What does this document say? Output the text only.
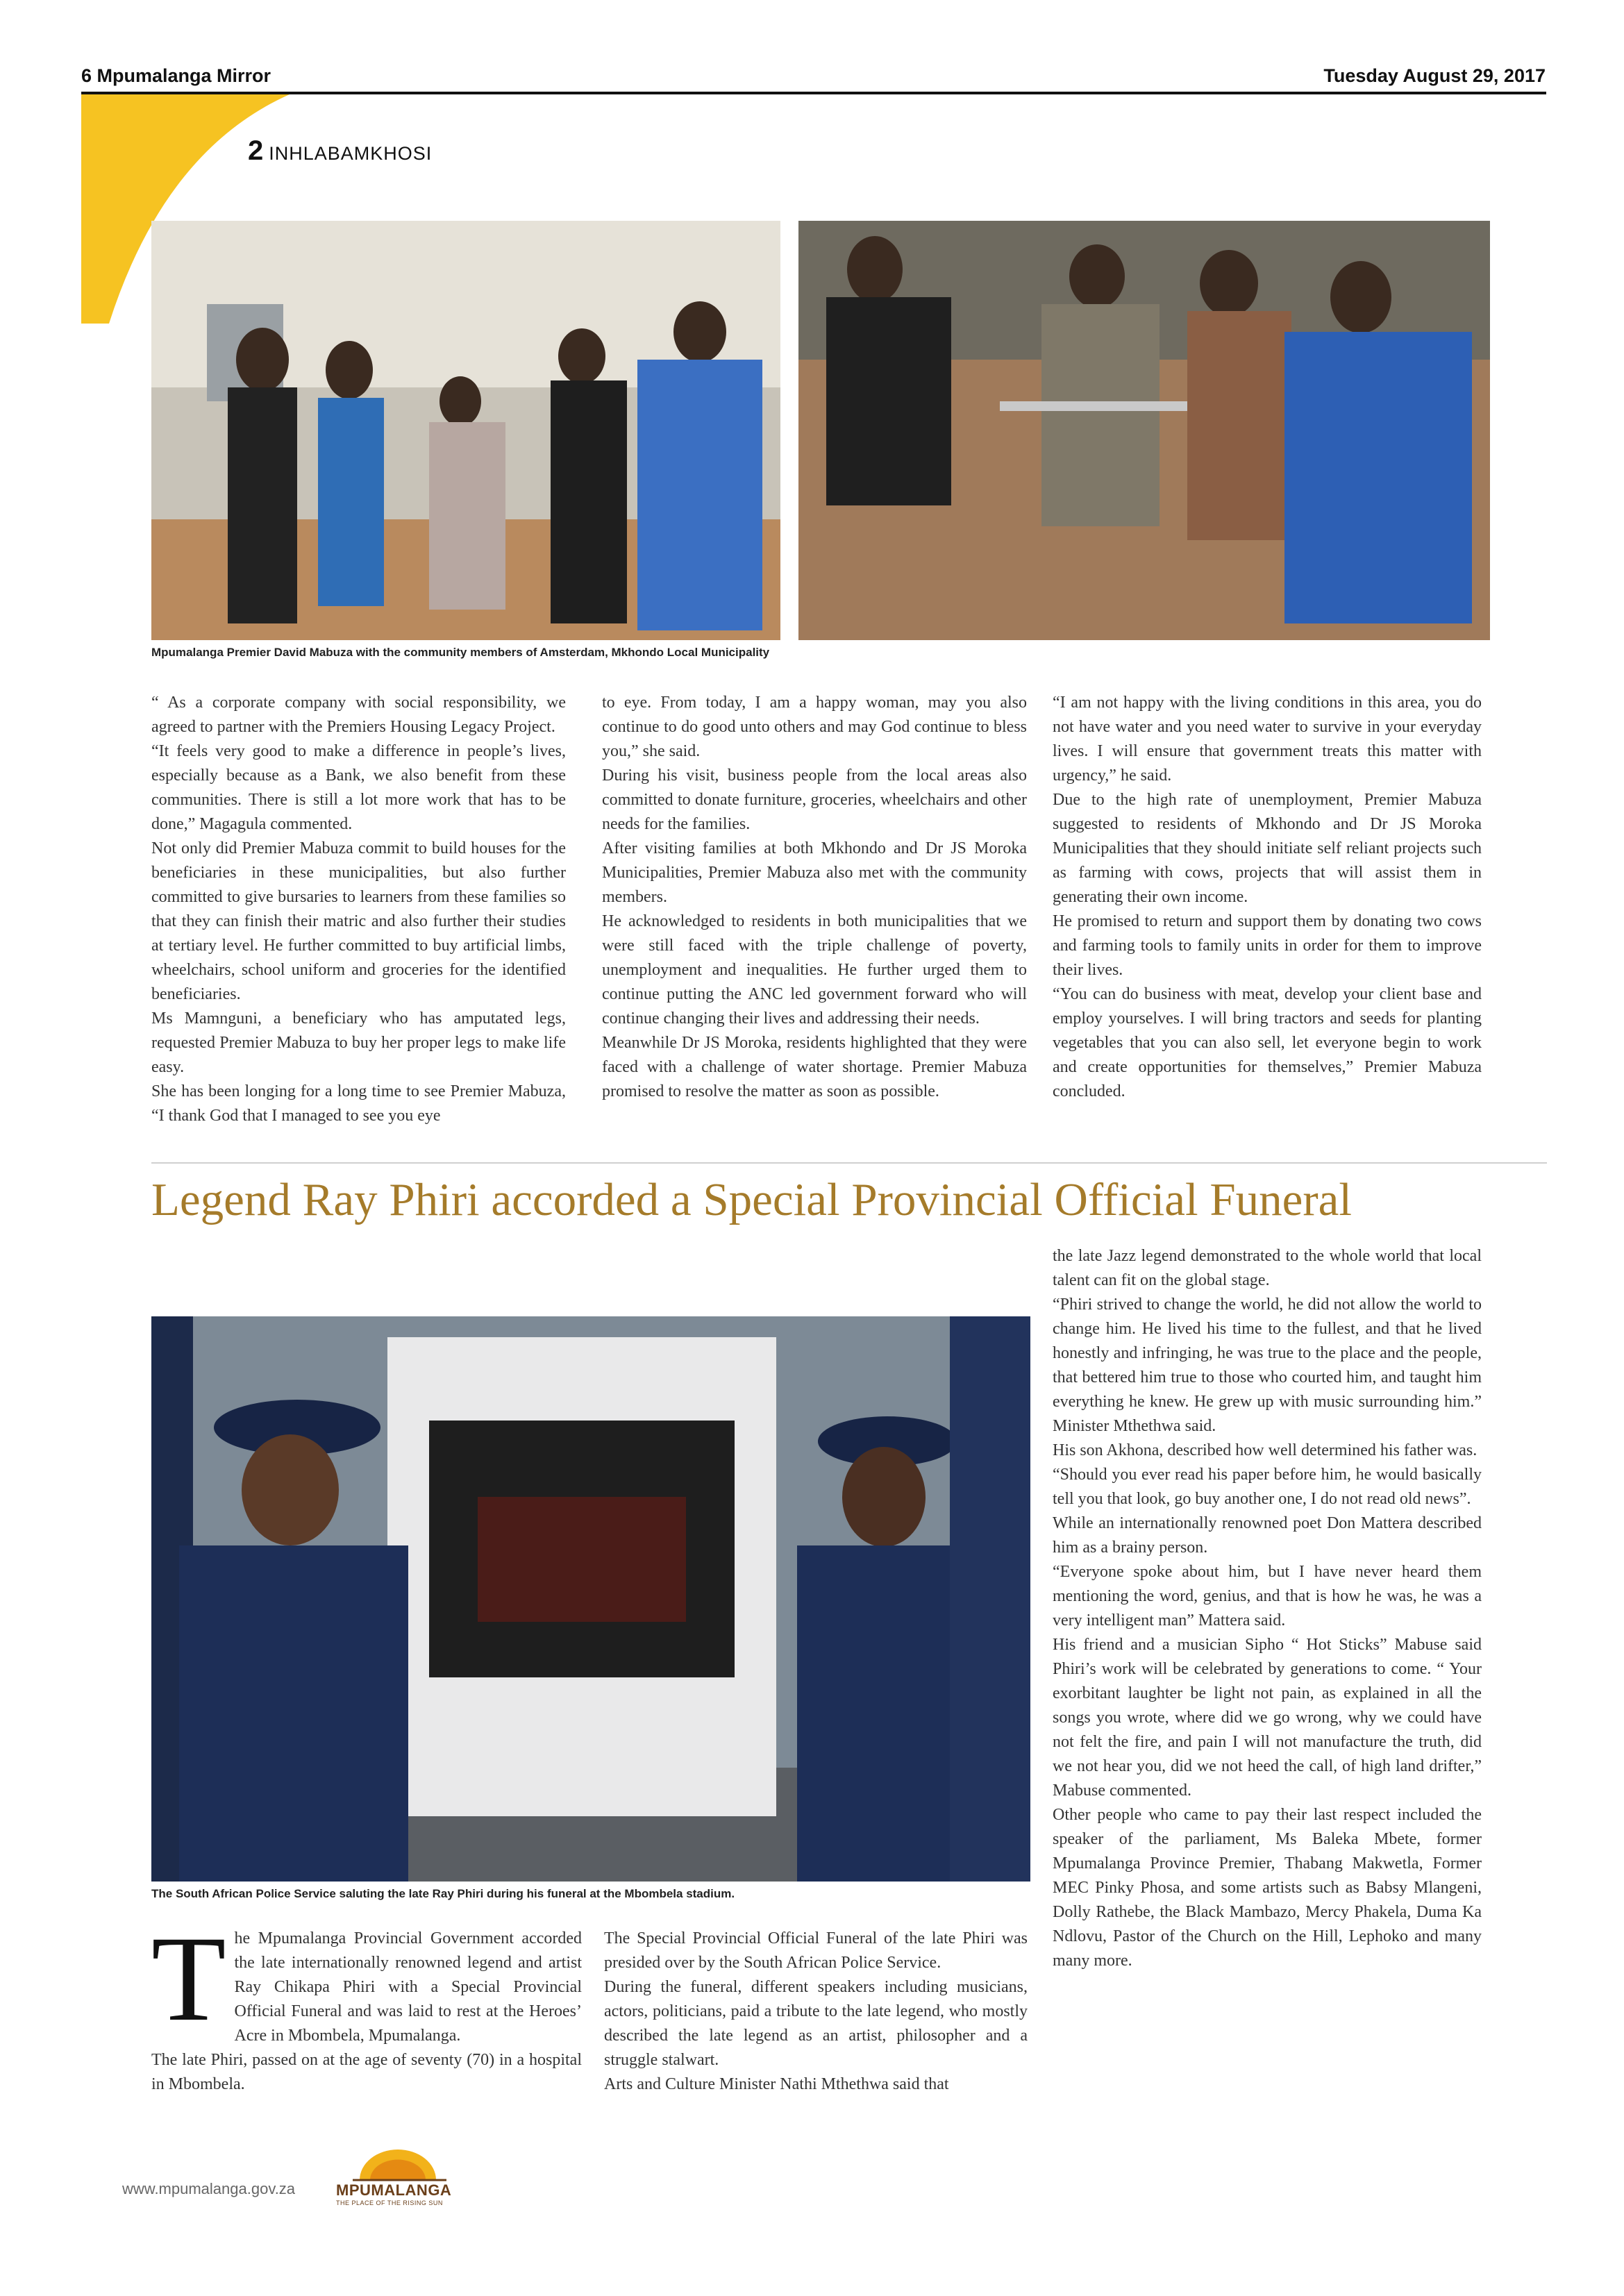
6 Mpumalanga Mirror	Tuesday August 29, 2017
2 INHLABAMKHOSI
Mpumalanga Premier David Mabuza with the community members of Amsterdam, Mkhondo Local Municipality

“ As a corporate company with social responsibility, we agreed to partner with the Premiers Housing Legacy Project.

“It feels very good to make a difference in people’s lives, especially because as a Bank, we also benefit from these communities. There is still a lot more work that has to be done,” Magagula commented.

Not only did Premier Mabuza commit to build houses for the beneficiaries in these municipalities, but also further committed to give bursaries to learners from these families so that they can finish their matric and also further their studies at tertiary level. He further committed to buy artificial limbs, wheelchairs, school uniform and groceries for the identified beneficiaries.

Ms Mamnguni, a beneficiary who has amputated legs, requested Premier Mabuza to buy her proper legs to make life easy.

She has been longing for a long time to see Premier Mabuza, “I thank God that I managed to see you eye

to eye. From today, I am a happy woman, may you also continue to do good unto others and may God continue to bless you,” she said.

During his visit, business people from the local areas also committed to donate furniture, groceries, wheelchairs and other needs for the families.

After visiting families at both Mkhondo and Dr JS Moroka Municipalities, Premier Mabuza also met with the community members.

He acknowledged to residents in both municipalities that we were still faced with the triple challenge of poverty, unemployment and inequalities. He further urged them to continue putting the ANC led government forward who will continue changing their lives and addressing their needs.

Meanwhile Dr JS Moroka, residents highlighted that they were faced with a challenge of water shortage. Premier Mabuza promised to resolve the matter as soon as possible.

“I am not happy with the living conditions in this area, you do not have water and you need water to survive in your everyday lives. I will ensure that government treats this matter with urgency,” he said.

Due to the high rate of unemployment, Premier Mabuza suggested to residents of Mkhondo and Dr JS Moroka Municipalities that they should initiate self reliant projects such as farming with cows, projects that will assist them in generating their own income.

He promised to return and support them by donating two cows and farming tools to family units in order for them to improve their lives.

“You can do business with meat, develop your client base and employ yourselves. I will bring tractors and seeds for planting vegetables that you can also sell, let everyone begin to work and create opportunities for themselves,” Premier Mabuza concluded.

Legend Ray Phiri accorded a Special Provincial Official Funeral
The South African Police Service saluting the late Ray Phiri during his funeral at the Mbombela stadium.
T he Mpumalanga Provincial Government accorded the late internationally renowned legend and artist Ray Chikapa Phiri with a Special Provincial Official Funeral and was laid to rest at the Heroes’ Acre in Mbombela, Mpumalanga.

The late Phiri, passed on at the age of seventy (70) in a hospital in Mbombela.

The Special Provincial Official Funeral of the late Phiri was presided over by the South African Police Service.

During the funeral, different speakers including musicians, actors, politicians, paid a tribute to the late legend, who mostly described the late legend as an artist, philosopher and a struggle stalwart.

Arts and Culture Minister Nathi Mthethwa said that

the late Jazz legend demonstrated to the whole world that local talent can fit on the global stage.

“Phiri strived to change the world, he did not allow the world to change him. He lived his time to the fullest, and that he lived honestly and infringing, he was true to the place and the people, that bettered him true to those who courted him, and taught him everything he knew. He grew up with music surrounding him.” Minister Mthethwa said.

His son Akhona, described how well determined his father was.

“Should you ever read his paper before him, he would basically tell you that look, go buy another one, I do not read old news”.

While an internationally renowned poet Don Mattera described him as a brainy person.

“Everyone spoke about him, but I have never heard them mentioning the word, genius, and that is how he was, he was a very intelligent man” Mattera said.

His friend and a musician Sipho “ Hot Sticks” Mabuse said Phiri’s work will be celebrated by generations to come. “ Your exorbitant laughter be light not pain, as explained in all the songs you wrote, where did we go wrong, why we could have not felt the fire, and pain I will not manufacture the truth, did we not hear you, did we not heed the call, of high land drifter,” Mabuse commented.

Other people who came to pay their last respect included the speaker of the parliament, Ms Baleka Mbete, former Mpumalanga Province Premier, Thabang Makwetla, Former MEC Pinky Phosa, and some artists such as Babsy Mlangeni, Dolly Rathebe, the Black Mambazo, Mercy Phakela, Duma Ka Ndlovu, Pastor of the Church on the Hill, Lephoko and many many more.

www.mpumalanga.gov.za	MPUMALANGA
THE PLACE OF THE RISING SUN
